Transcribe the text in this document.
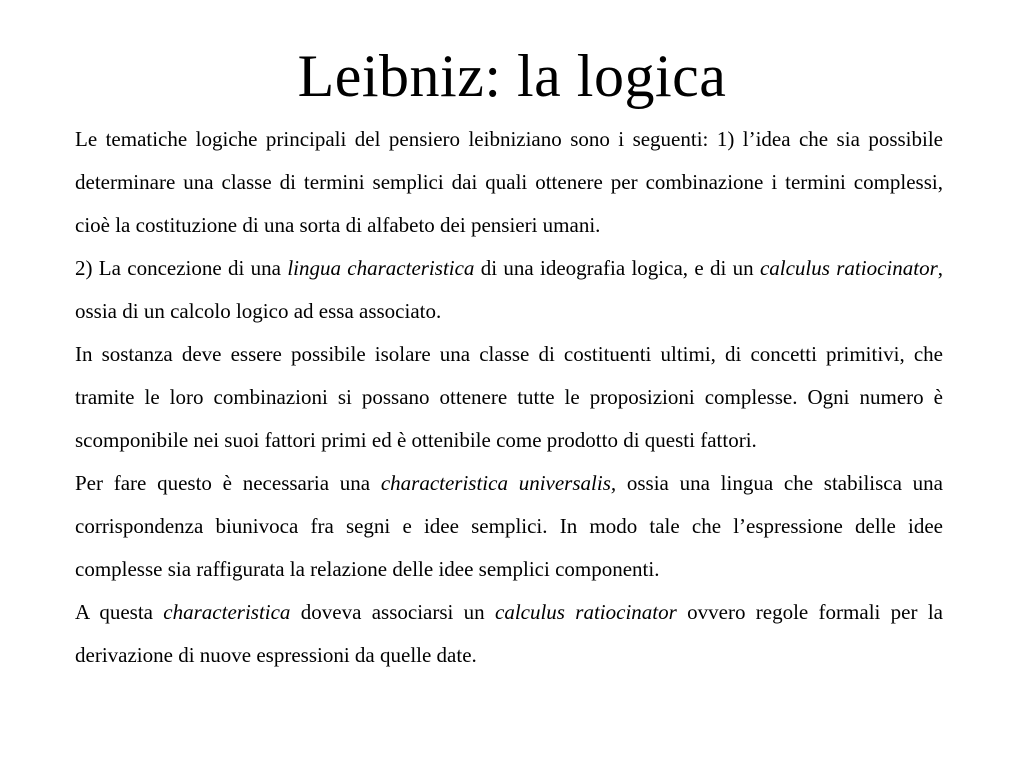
Leibniz: la logica

Le tematiche logiche principali del pensiero leibniziano sono i seguenti: 1) l’idea che sia possibile determinare una classe di termini semplici dai quali ottenere per combinazione i termini complessi, cioè la costituzione di una sorta di alfabeto dei pensieri umani.

2) La concezione di una lingua characteristica di una ideografia logica, e di un calculus ratiocinator, ossia di un calcolo logico ad essa associato.

In sostanza deve essere possibile isolare una classe di costituenti ultimi, di concetti primitivi, che tramite le loro combinazioni si possano ottenere tutte le proposizioni complesse. Ogni numero è scomponibile nei suoi fattori primi ed è ottenibile come prodotto di questi fattori.

Per fare questo è necessaria una characteristica universalis, ossia una lingua che stabilisca una corrispondenza biunivoca fra segni e idee semplici. In modo tale che l’espressione delle idee complesse sia raffigurata la relazione delle idee semplici componenti.

A questa characteristica doveva associarsi un calculus ratiocinator ovvero regole formali per la derivazione di nuove espressioni da quelle date.
